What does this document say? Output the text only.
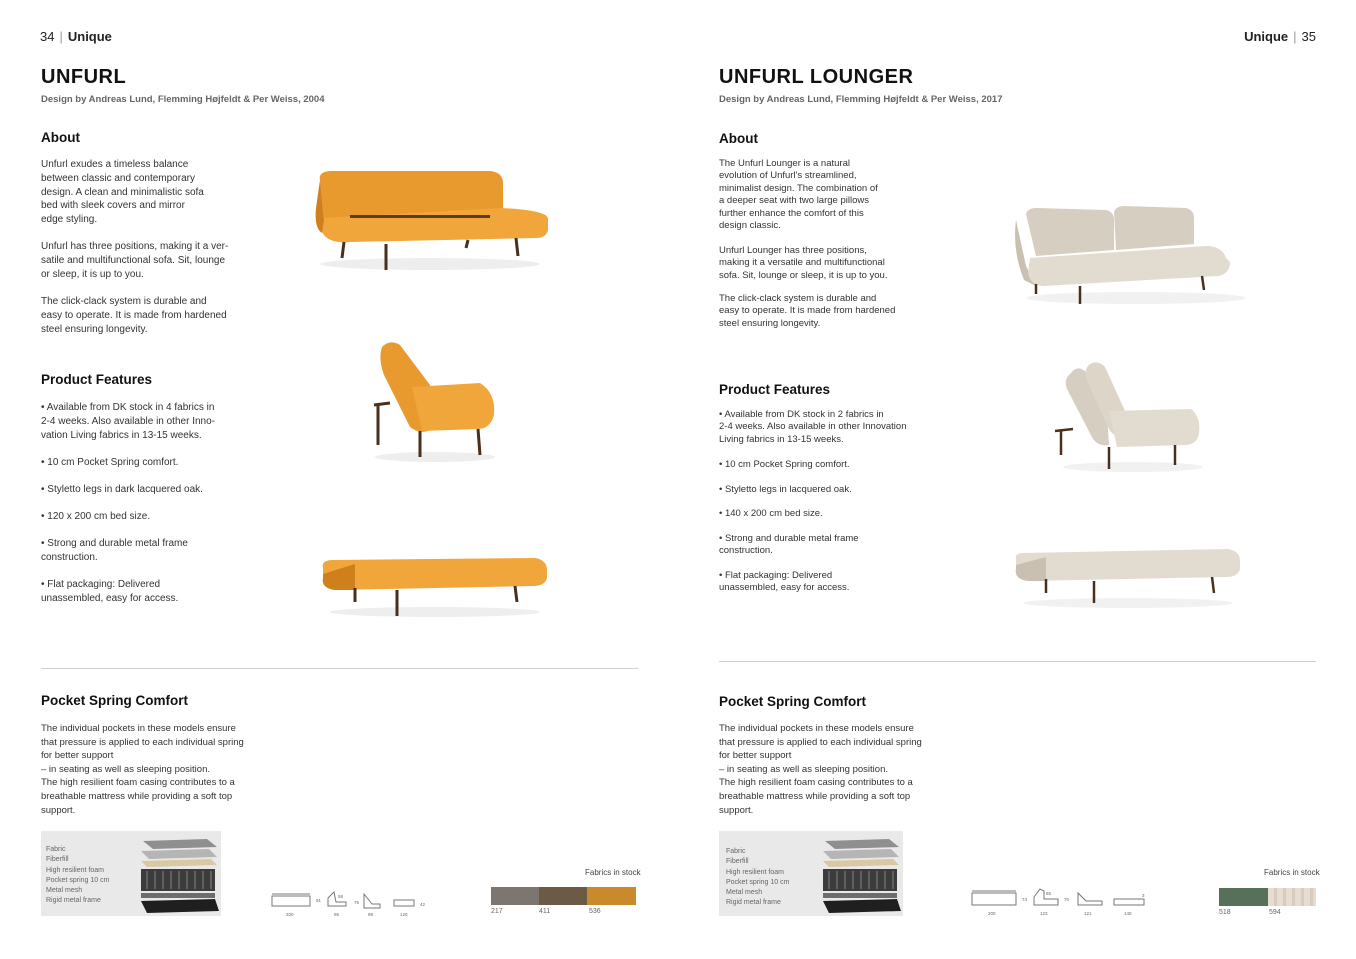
34 | Unique
UNFURL
Design by Andreas Lund, Flemming Højfeldt & Per Weiss, 2004
About
Unfurl exudes a timeless balance
between classic and contemporary
design. A clean and minimalistic sofa
bed with sleek covers and mirror
edge styling.
Unfurl has three positions, making it a ver-
satile and multifunctional sofa. Sit, lounge
or sleep, it is up to you.
The click-clack system is durable and
easy to operate. It is made from hardened
steel ensuring longevity.
Product Features
• Available from DK stock in 4 fabrics in
2-4 weeks. Also available in other Inno-
vation Living fabrics in 13-15 weeks.
• 10 cm Pocket Spring comfort.
• Styletto legs in dark lacquered oak.
• 120 x 200 cm bed size.
• Strong and durable metal frame
construction.
• Flat packaging: Delivered
unassembled, easy for access.
Pocket Spring Comfort
The individual pockets in these models ensure
that pressure is applied to each individual spring
for better support
– in seating as well as sleeping position.
The high resilient foam casing contributes to a
breathable mattress while providing a soft top
support.
Fabric
Fiberfill
High resilient foam
Pocket spring 10 cm
Metal mesh
Rigid metal frame
200
91
59
76
95	98	120
42
Fabrics in stock
217	411	536
Unique | 35
UNFURL LOUNGER
Design by Andreas Lund, Flemming Højfeldt & Per Weiss, 2017
About
The Unfurl Lounger is a natural
evolution of Unfurl's streamlined,
minimalist design. The combination of
a deeper seat with two large pillows
further enhance the comfort of this
design classic.
Unfurl Lounger has three positions,
making it a versatile and multifunctional
sofa. Sit, lounge or sleep, it is up to you.
The click-clack system is durable and
easy to operate. It is made from hardened
steel ensuring longevity.
Product Features
• Available from DK stock in 2 fabrics in
2-4 weeks. Also available in other Innovation
Living fabrics in 13-15 weeks.
• 10 cm Pocket Spring comfort.
• Styletto legs in lacquered oak.
• 140 x 200 cm bed size.
• Strong and durable metal frame
construction.
• Flat packaging: Delivered
unassembled, easy for access.
Pocket Spring Comfort
The individual pockets in these models ensure
that pressure is applied to each individual spring
for better support
– in seating as well as sleeping position.
The high resilient foam casing contributes to a
breathable mattress while providing a soft top
support.
Fabric
Fiberfill
High resilient foam
Pocket spring 10 cm
Metal mesh
Rigid metal frame
200
74
65
70
123	121	140
3
Fabrics in stock
518	594
